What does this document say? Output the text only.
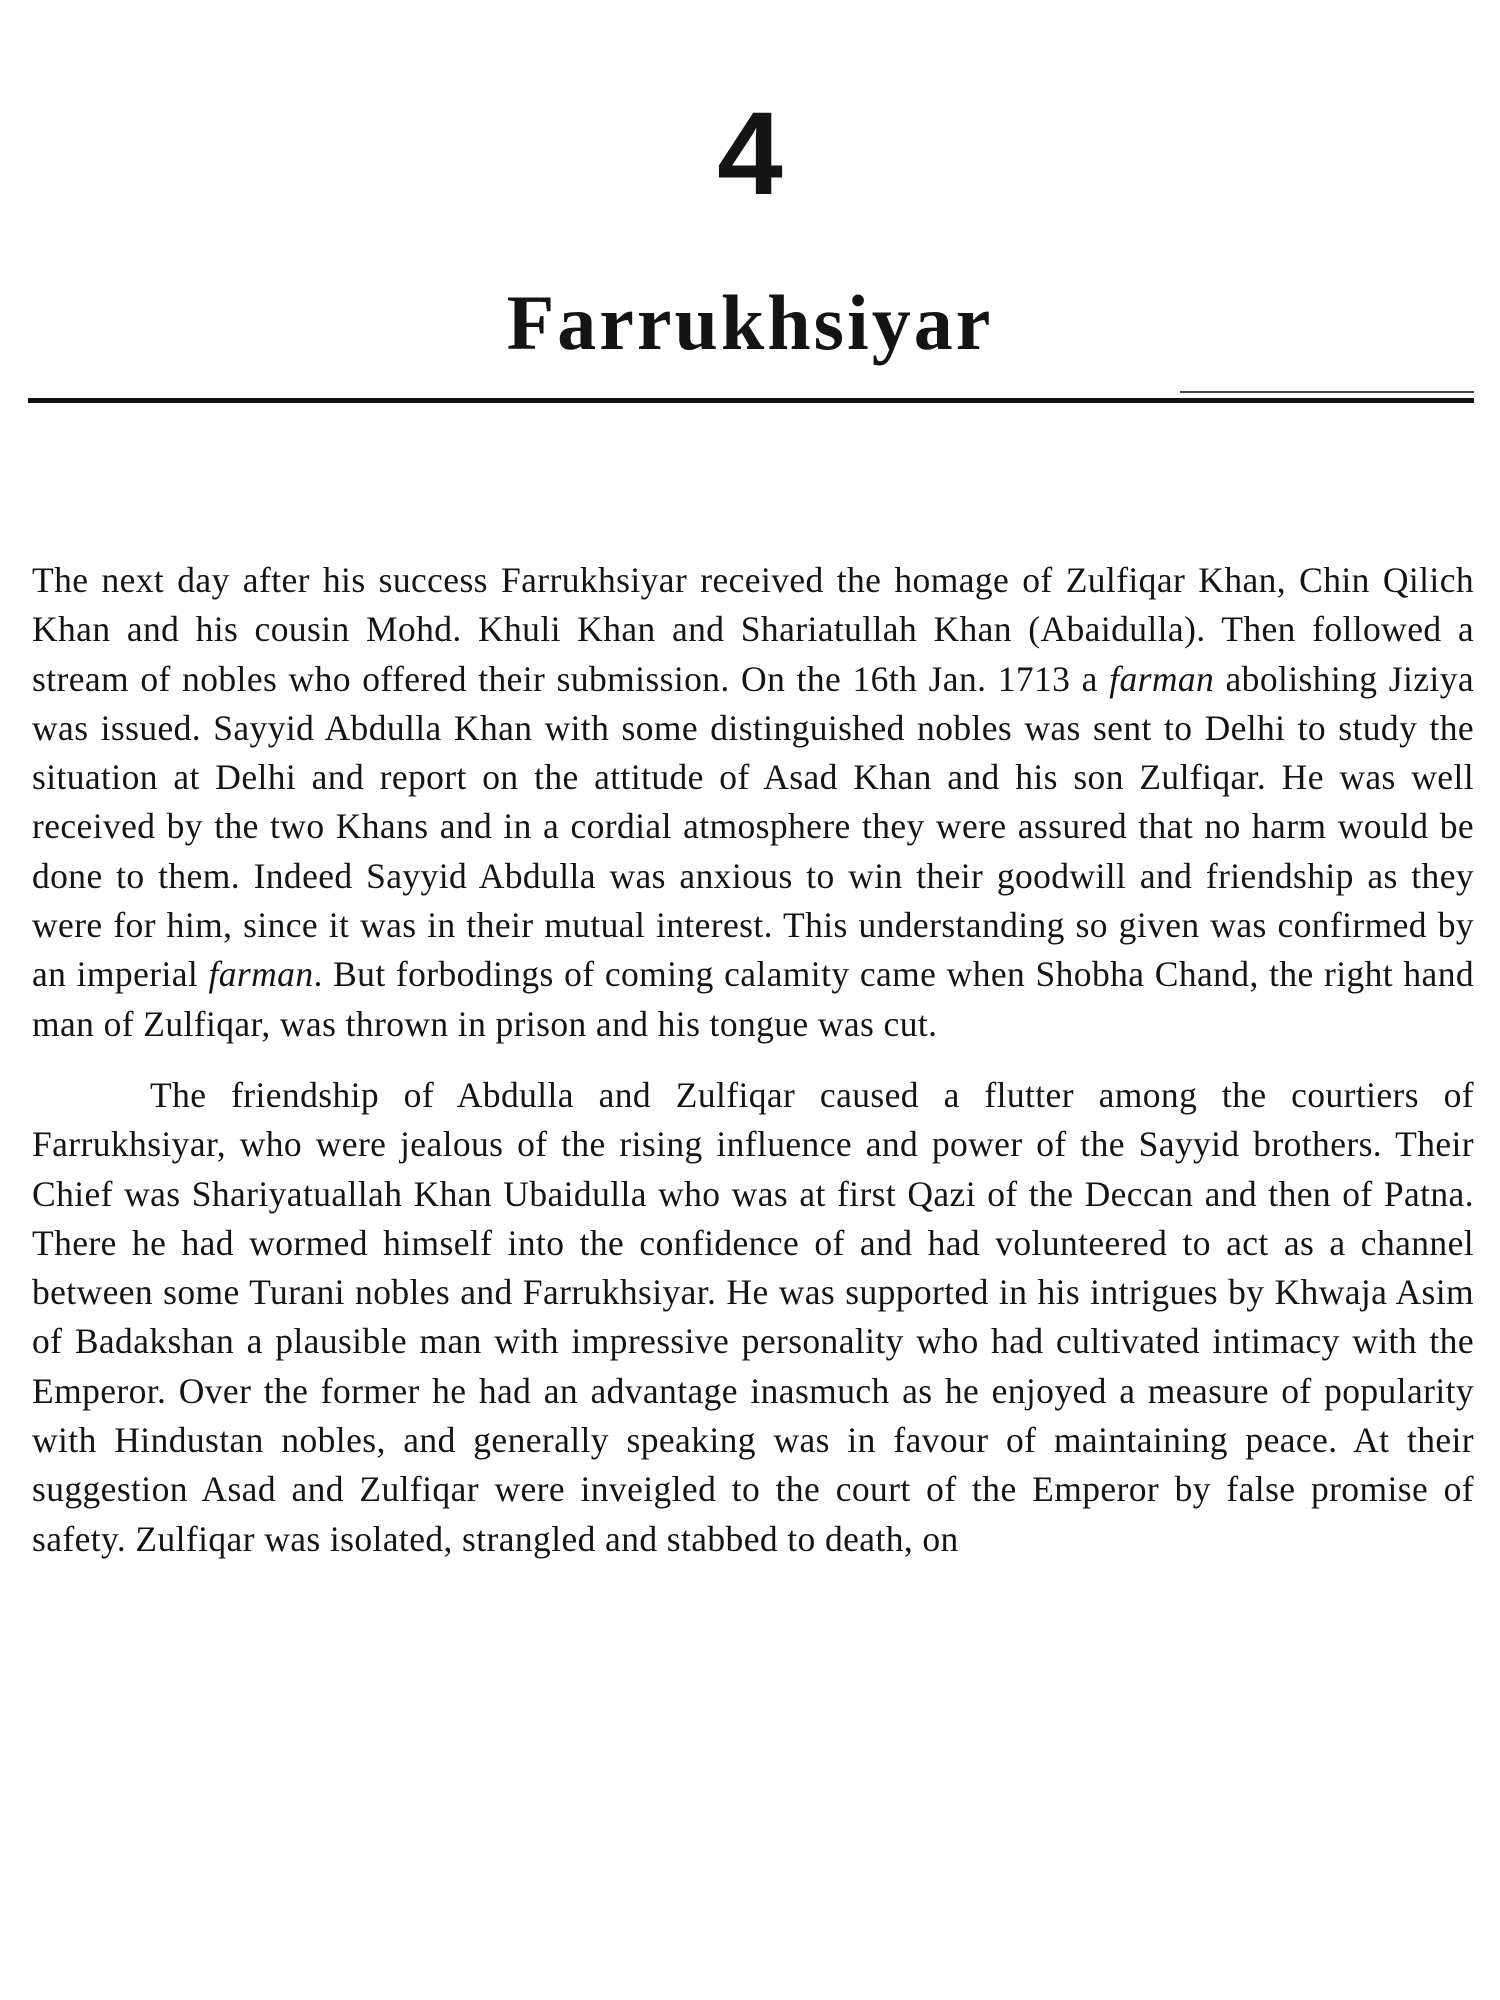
4
Farrukhsiyar

The next day after his success Farrukhsiyar received the homage of Zulfiqar Khan, Chin Qilich Khan and his cousin Mohd. Khuli Khan and Shariatullah Khan (Abaidulla). Then followed a stream of nobles who offered their submission. On the 16th Jan. 1713 a farman abolishing Jiziya was issued. Sayyid Abdulla Khan with some distinguished nobles was sent to Delhi to study the situation at Delhi and report on the attitude of Asad Khan and his son Zulfiqar. He was well received by the two Khans and in a cordial atmosphere they were assured that no harm would be done to them. Indeed Sayyid Abdulla was anxious to win their goodwill and friendship as they were for him, since it was in their mutual interest. This understanding so given was confirmed by an imperial farman. But forbodings of coming calamity came when Shobha Chand, the right hand man of Zulfiqar, was thrown in prison and his tongue was cut.

The friendship of Abdulla and Zulfiqar caused a flutter among the courtiers of Farrukhsiyar, who were jealous of the rising influence and power of the Sayyid brothers. Their Chief was Shariyatuallah Khan Ubaidulla who was at first Qazi of the Deccan and then of Patna. There he had wormed himself into the confidence of and had volunteered to act as a channel between some Turani nobles and Farrukhsiyar. He was supported in his intrigues by Khwaja Asim of Badakshan a plausible man with impressive personality who had cultivated intimacy with the Emperor. Over the former he had an advantage inasmuch as he enjoyed a measure of popularity with Hindustan nobles, and generally speaking was in favour of maintaining peace. At their suggestion Asad and Zulfiqar were inveigled to the court of the Emperor by false promise of safety. Zulfiqar was isolated, strangled and stabbed to death, on
